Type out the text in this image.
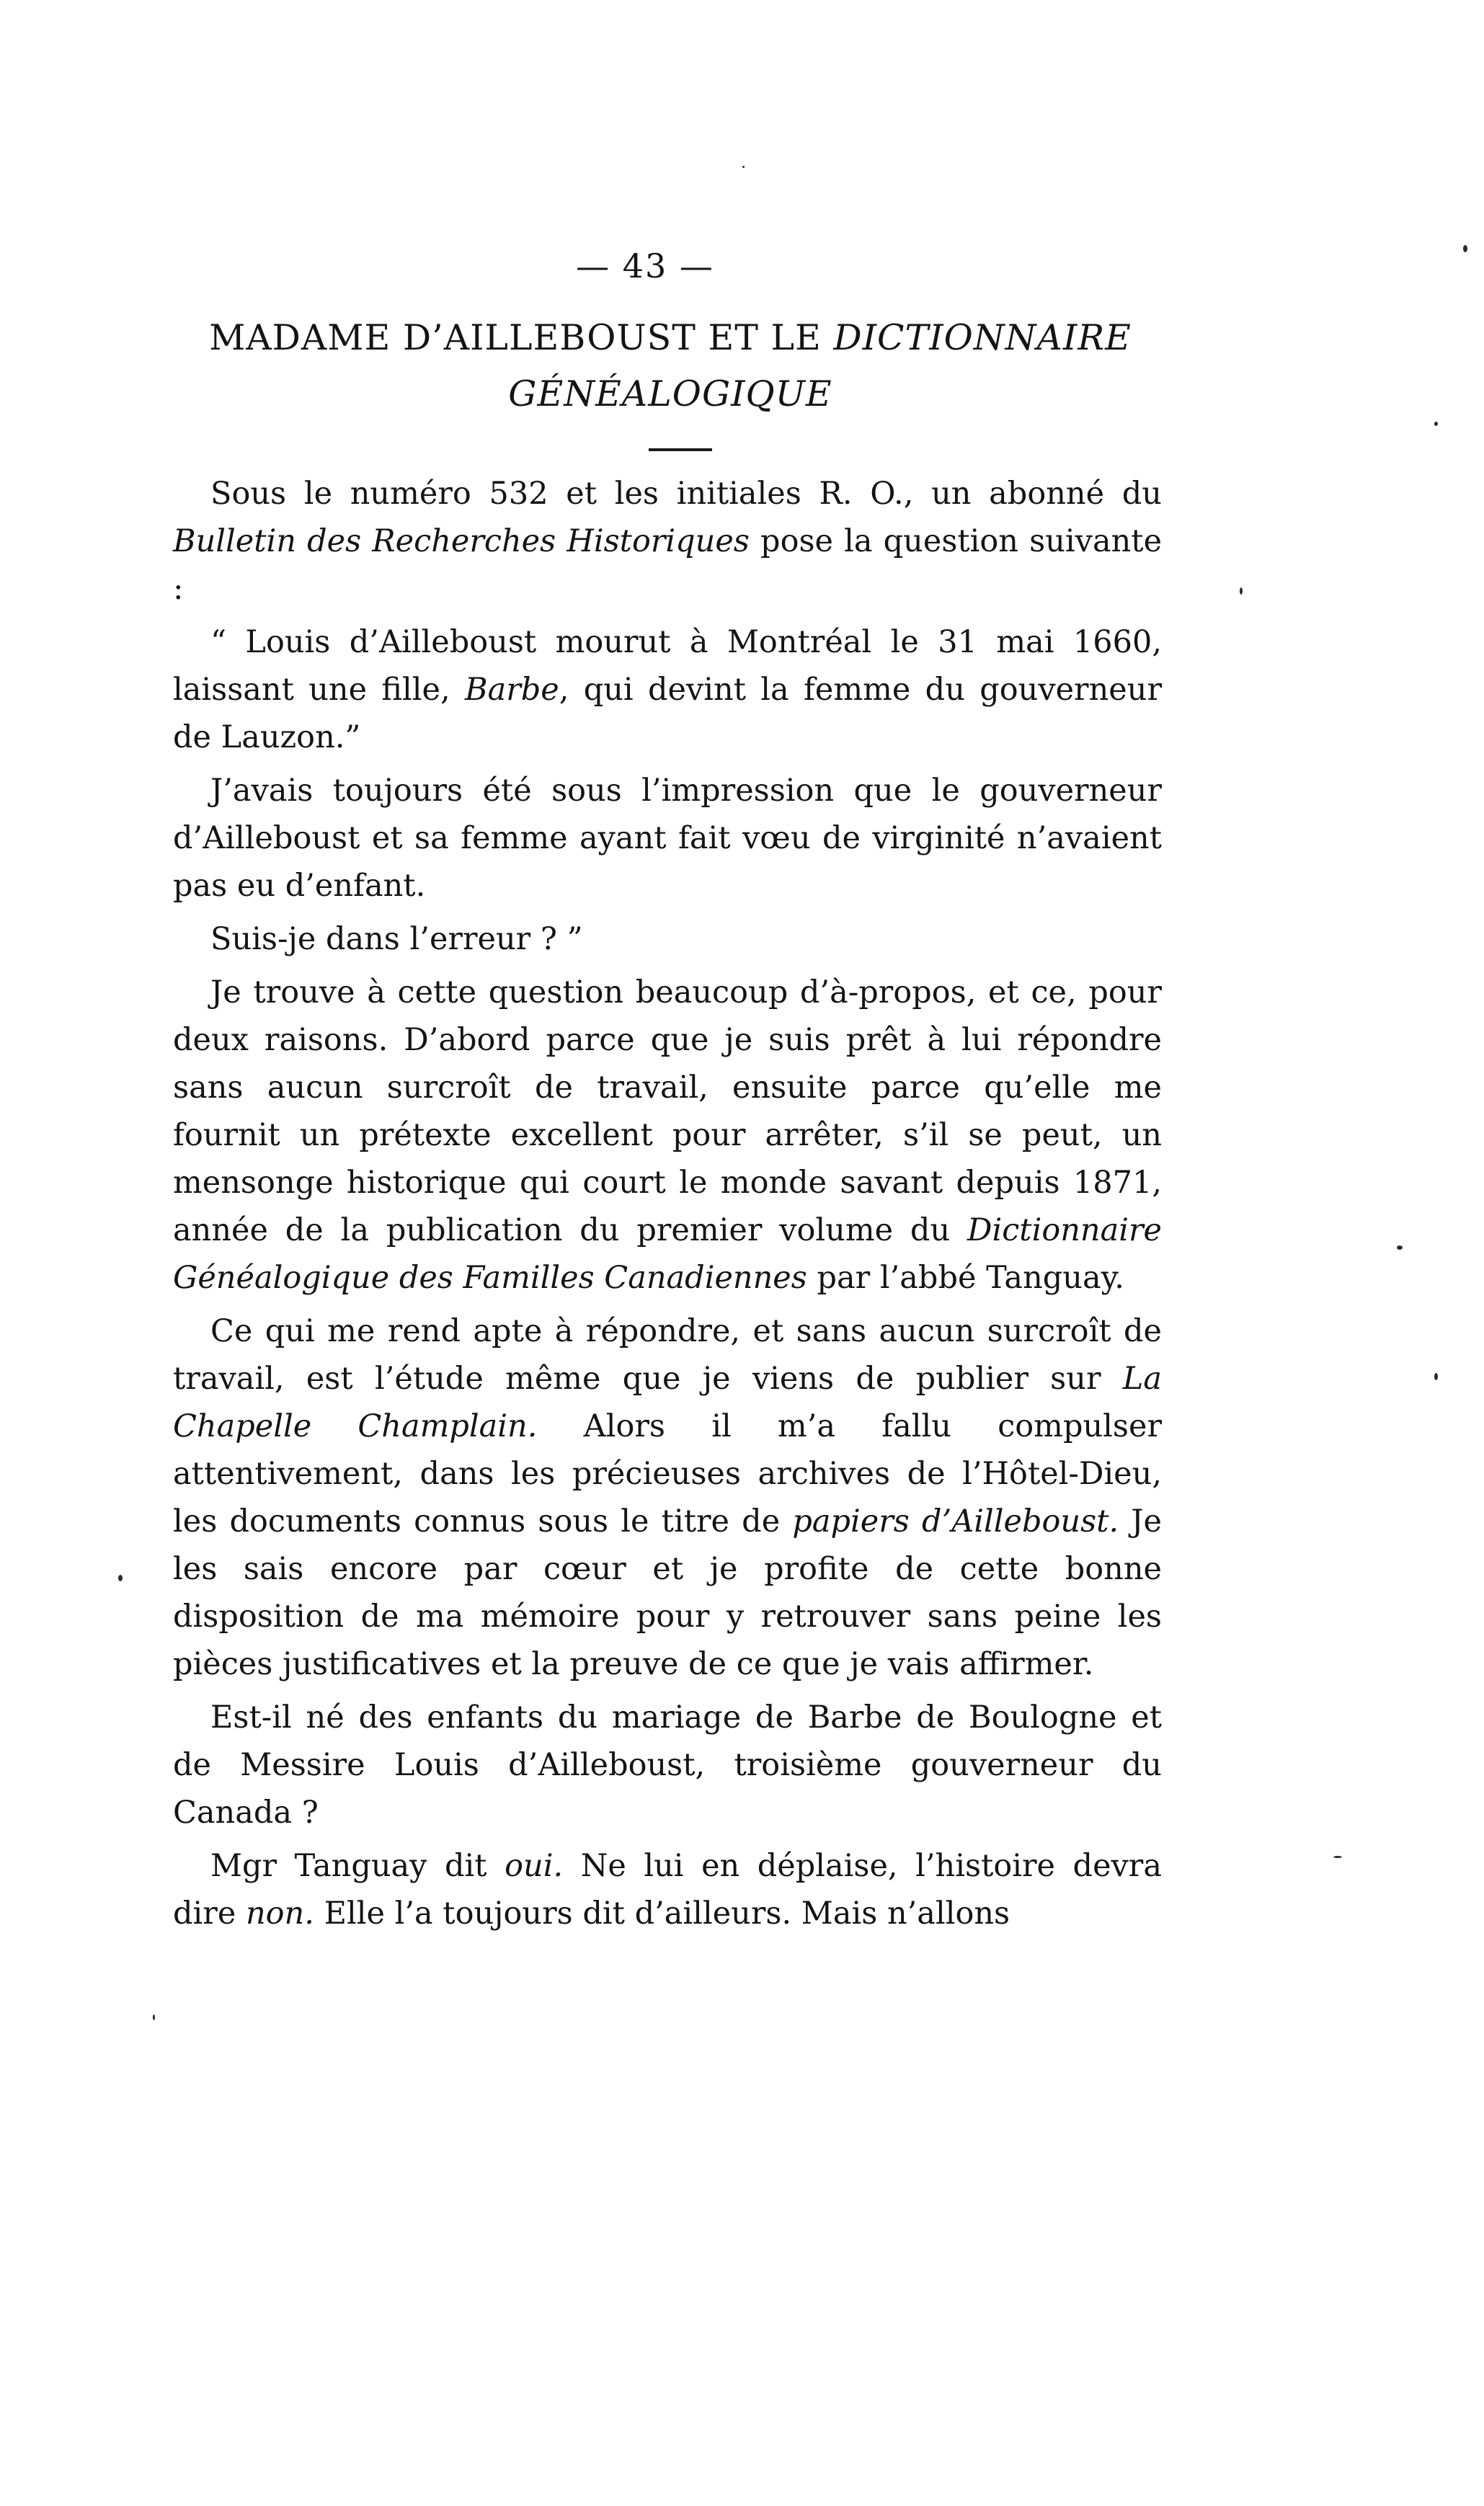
— 43 —
MADAME D’AILLEBOUST ET LE DICTIONNAIRE
GÉNÉALOGIQUE

Sous le numéro 532 et les initiales R. O., un abonné du Bulletin des Recherches Historiques pose la question suivante :

“ Louis d’Ailleboust mourut à Montréal le 31 mai 1660, laissant une fille, Barbe, qui devint la femme du gouverneur de Lauzon.”

J’avais toujours été sous l’impression que le gouverneur d’Ailleboust et sa femme ayant fait vœu de virginité n’avaient pas eu d’enfant.

Suis-je dans l’erreur ? ”

Je trouve à cette question beaucoup d’à-propos, et ce, pour deux raisons. D’abord parce que je suis prêt à lui répondre sans aucun surcroît de travail, ensuite parce qu’elle me fournit un prétexte excellent pour arrêter, s’il se peut, un mensonge historique qui court le monde savant depuis 1871, année de la publication du premier volume du Dictionnaire Généalogique des Familles Canadiennes par l’abbé Tanguay.

Ce qui me rend apte à répondre, et sans aucun surcroît de travail, est l’étude même que je viens de publier sur La Chapelle Champlain. Alors il m’a fallu compulser attentivement, dans les précieuses archives de l’Hôtel-Dieu, les documents connus sous le titre de papiers d’Ailleboust. Je les sais encore par cœur et je profite de cette bonne disposition de ma mémoire pour y retrouver sans peine les pièces justificatives et la preuve de ce que je vais affirmer.

Est-il né des enfants du mariage de Barbe de Boulogne et de Messire Louis d’Ailleboust, troisième gouverneur du Canada ?

Mgr Tanguay dit oui. Ne lui en déplaise, l’histoire devra dire non. Elle l’a toujours dit d’ailleurs. Mais n’allons
